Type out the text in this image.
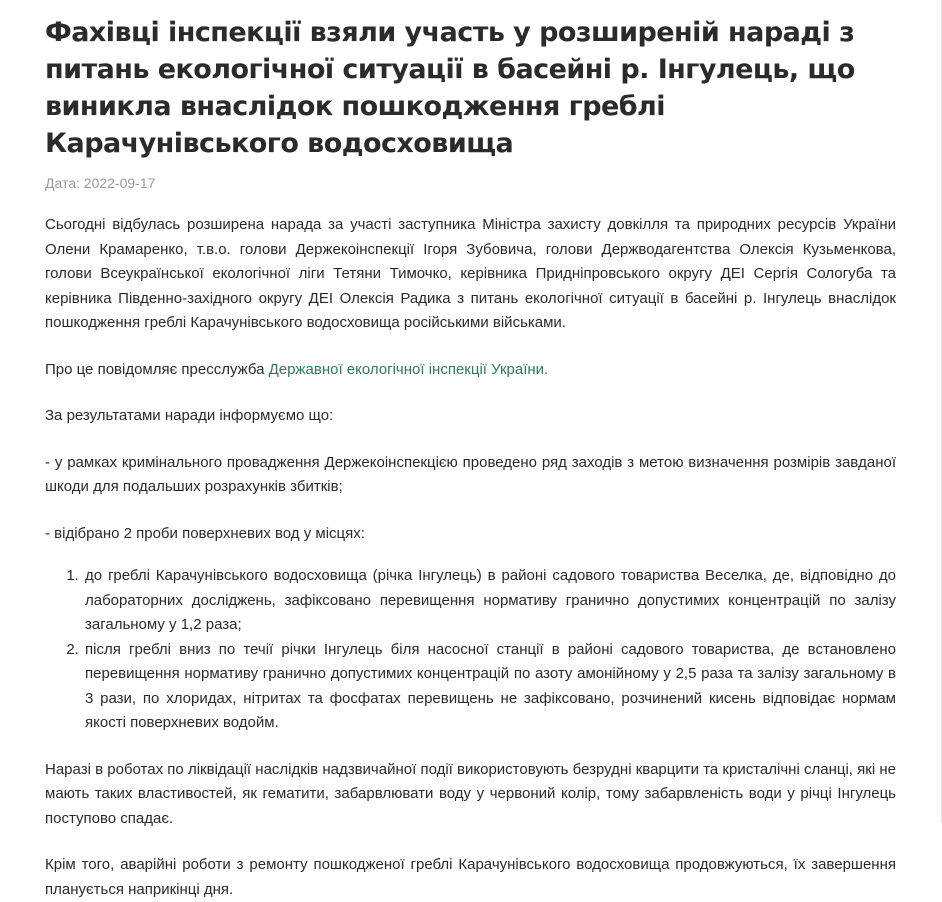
Фахівці інспекції взяли участь у розширеній нараді з питань екологічної ситуації в басейні р. Інгулець, що виникла внаслідок пошкодження греблі Карачунівського водосховища
Дата: 2022-09-17

Сьогодні відбулась розширена нарада за участі заступника Міністра захисту довкілля та природних ресурсів України Олени Крамаренко, т.в.о. голови Держекоінспекції Ігоря Зубовича, голови Держводагентства Олексія Кузьменкова, голови Всеукраїнської екологічної ліги Тетяни Тимочко, керівника Придніпровського округу ДЕІ Сергія Сологуба та керівника Південно-західного округу ДЕІ Олексія Радика з питань екологічної ситуації в басейні р. Інгулець внаслідок пошкодження греблі Карачунівського водосховища російськими військами.

Про це повідомляє пресслужба Державної екологічної інспекції України.

За результатами наради інформуємо що:

- у рамках кримінального провадження Держекоінспекцією проведено ряд заходів з метою визначення розмірів завданої шкоди для подальших розрахунків збитків;

- відібрано 2 проби поверхневих вод у місцях:

1. до греблі Карачунівського водосховища (річка Інгулець) в районі садового товариства Веселка, де, відповідно до лабораторних досліджень, зафіксовано перевищення нормативу гранично допустимих концентрацій по залізу загальному у 1,2 раза;
2. після греблі вниз по течії річки Інгулець біля насосної станції в районі садового товариства, де встановлено перевищення нормативу гранично допустимих концентрацій по азоту амонійному у 2,5 раза та залізу загальному в 3 рази, по хлоридах, нітритах та фосфатах перевищень не зафіксовано, розчинений кисень відповідає нормам якості поверхневих водойм.

Наразі в роботах по ліквідації наслідків надзвичайної події використовують безрудні кварцити та кристалічні сланці, які не мають таких властивостей, як гематити, забарвлювати воду у червоний колір, тому забарвленість води у річці Інгулець поступово спадає.

Крім того, аварійні роботи з ремонту пошкодженої греблі Карачунівського водосховища продовжуються, їх завершення планується наприкінці дня.
